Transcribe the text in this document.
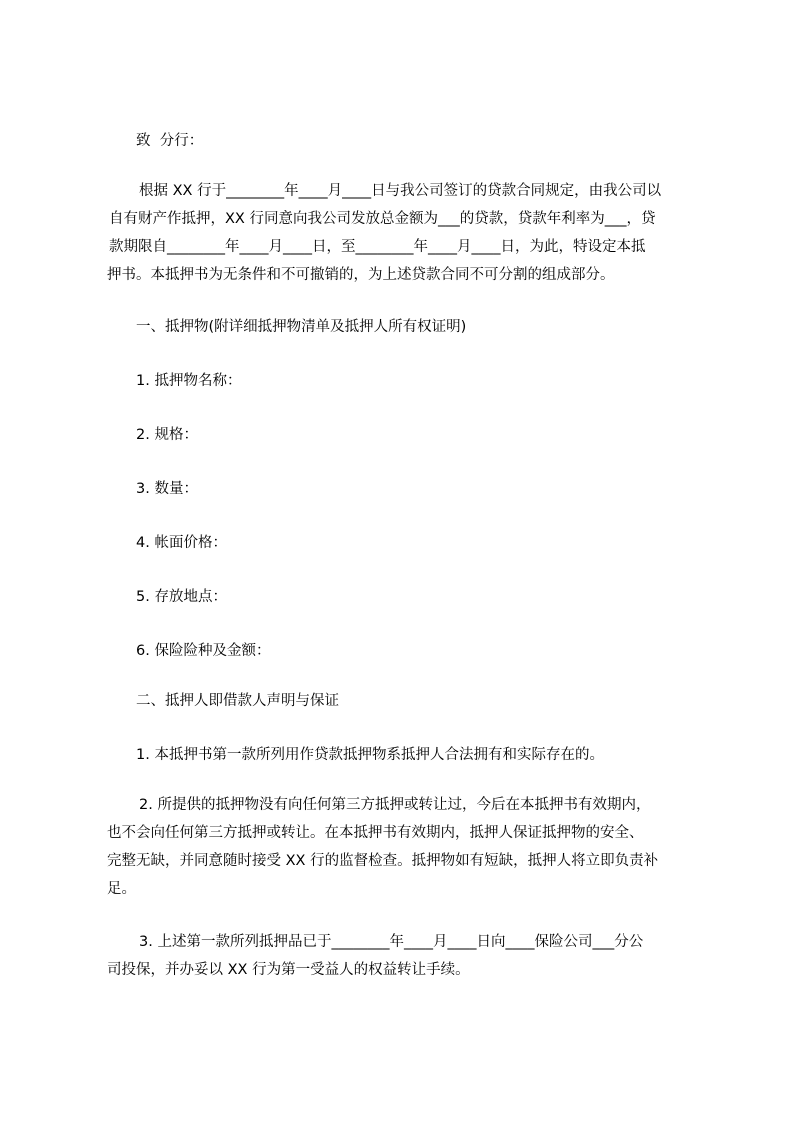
致  分行：
根据 XX 行于________年____月____日与我公司签订的贷款合同规定，由我公司以
自有财产作抵押，XX 行同意向我公司发放总金额为___的贷款，贷款年利率为___，贷
款期限自________年____月____日，至________年____月____日，为此，特设定本抵
押书。本抵押书为无条件和不可撤销的，为上述贷款合同不可分割的组成部分。
一、抵押物(附详细抵押物清单及抵押人所有权证明)
1. 抵押物名称：
2. 规格：
3. 数量：
4. 帐面价格：
5. 存放地点：
6. 保险险种及金额：
二、抵押人即借款人声明与保证
1. 本抵押书第一款所列用作贷款抵押物系抵押人合法拥有和实际存在的。
2. 所提供的抵押物没有向任何第三方抵押或转让过，今后在本抵押书有效期内，
也不会向任何第三方抵押或转让。在本抵押书有效期内，抵押人保证抵押物的安全、
完整无缺，并同意随时接受 XX 行的监督检查。抵押物如有短缺，抵押人将立即负责补
足。
3. 上述第一款所列抵押品已于________年____月____日向____保险公司___分公
司投保，并办妥以 XX 行为第一受益人的权益转让手续。
